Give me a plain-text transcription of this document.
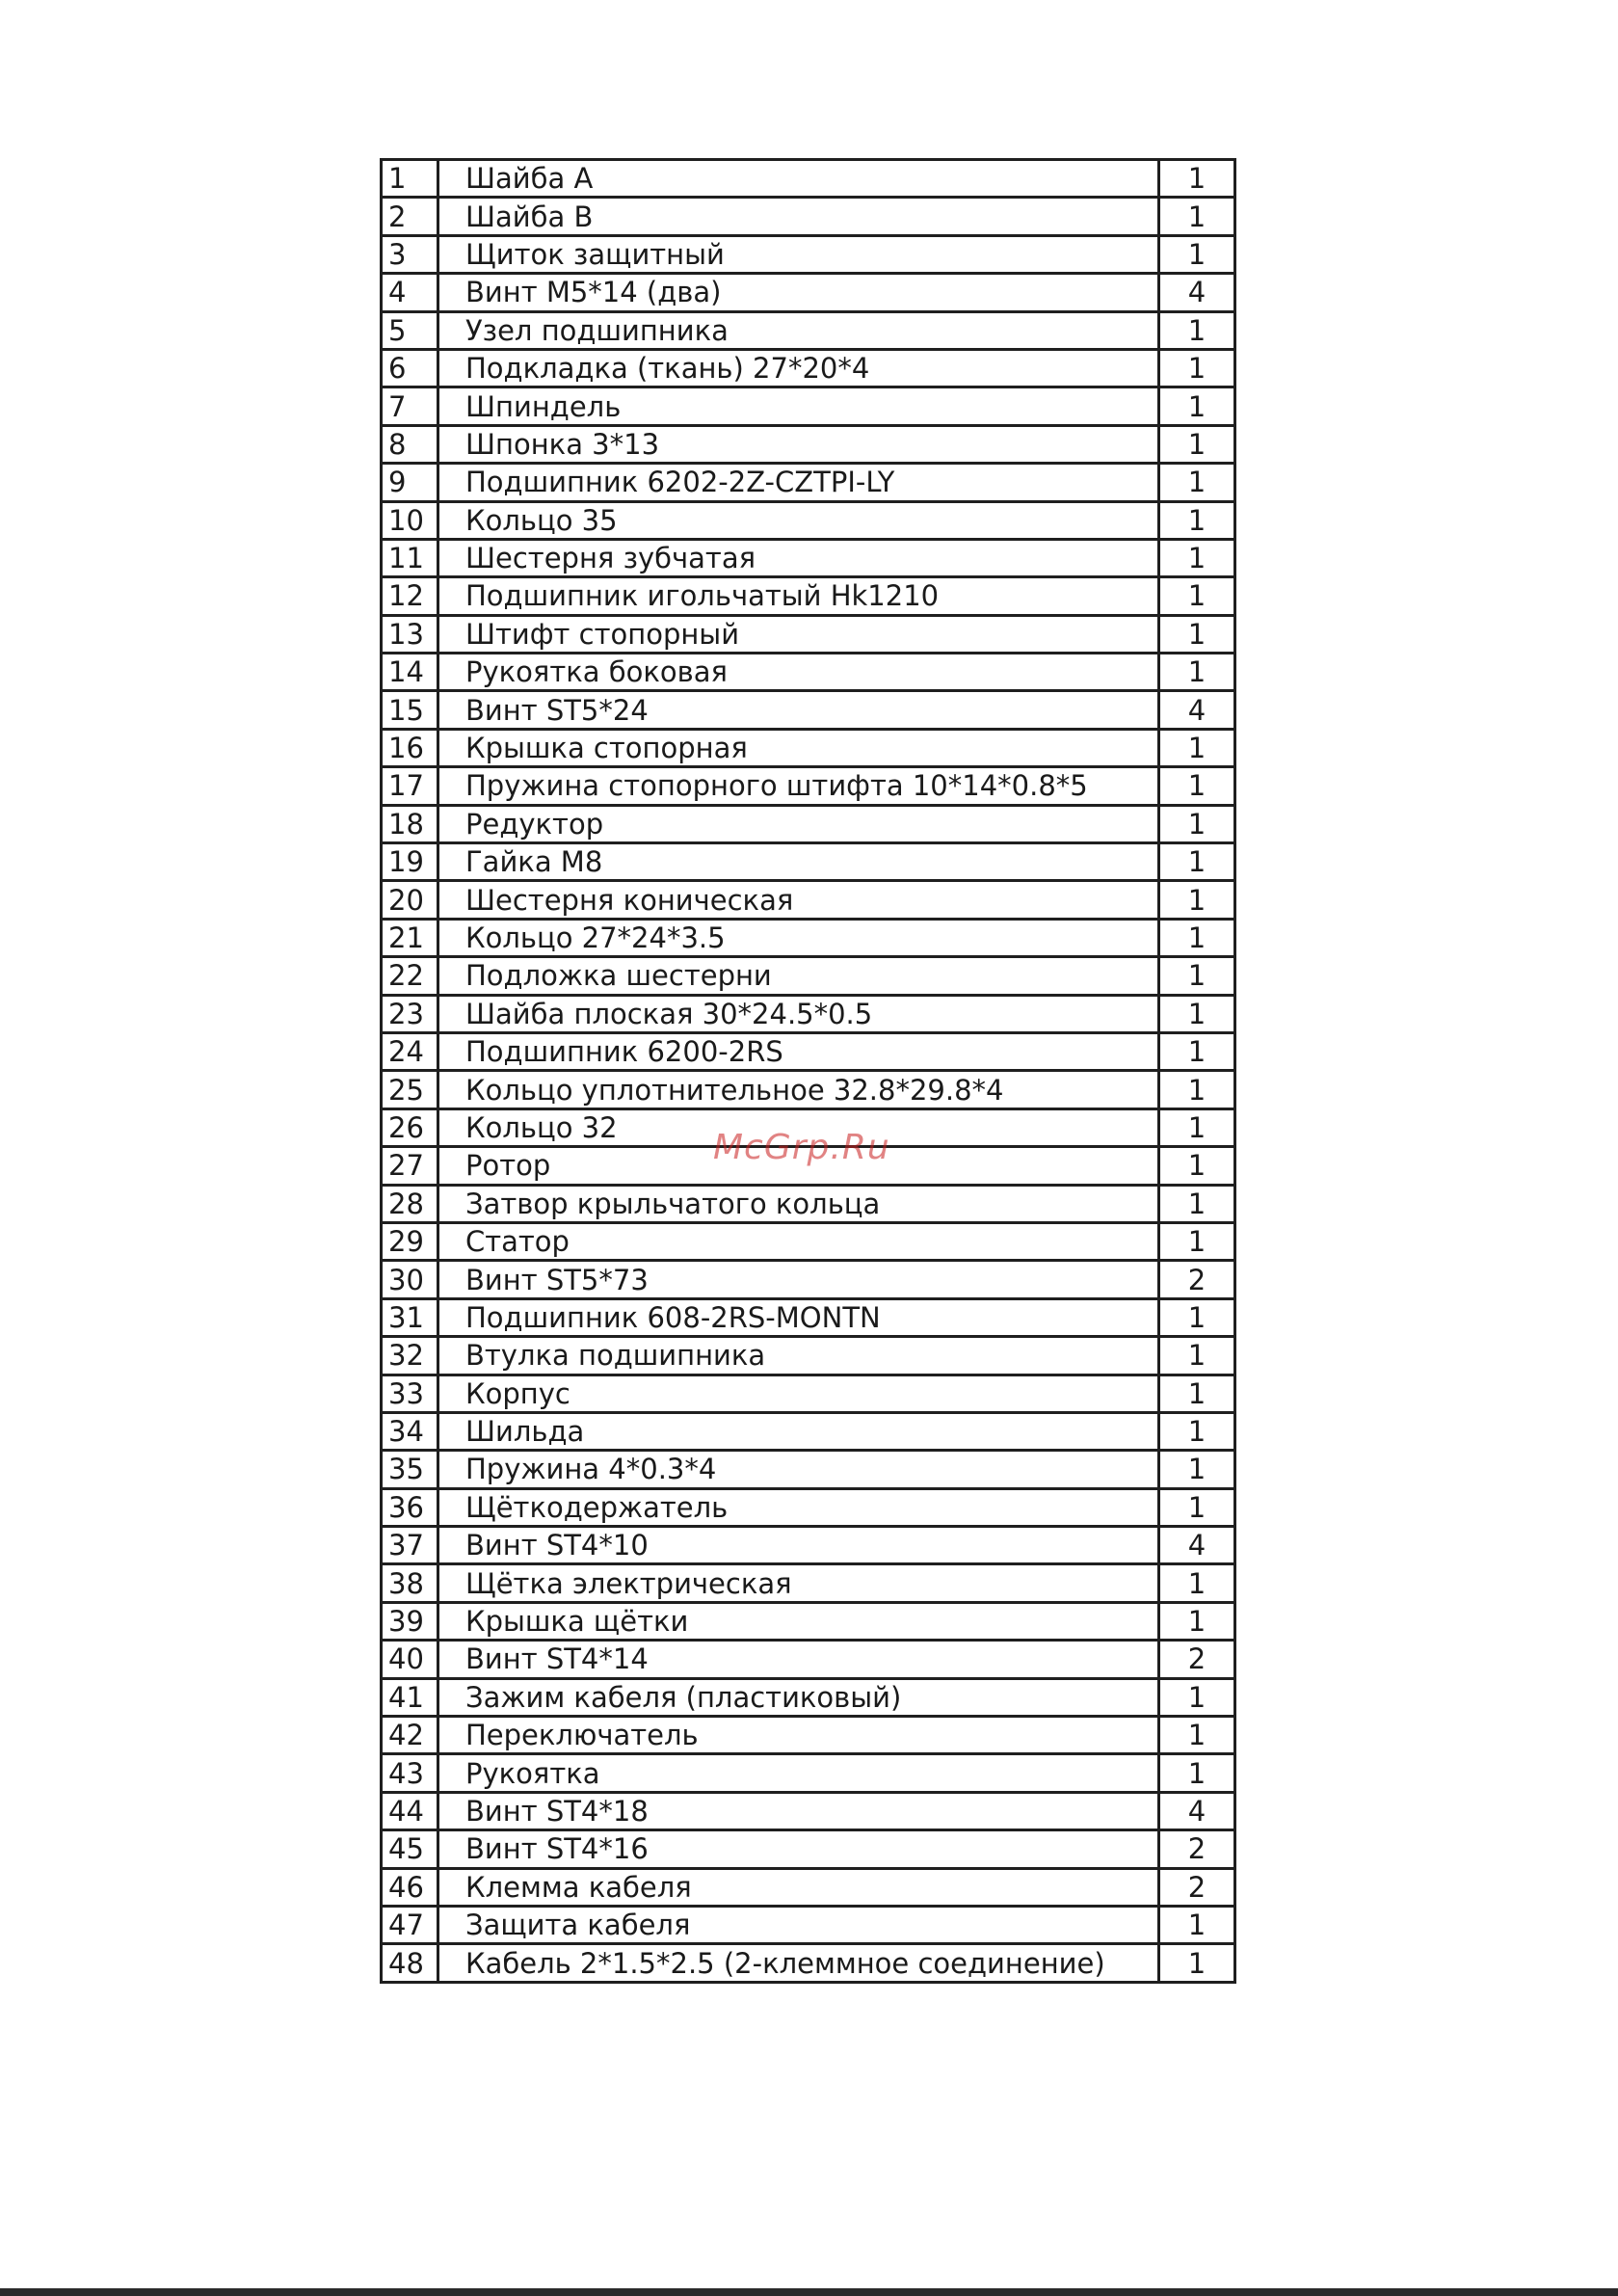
1	Шайба А	1
2	Шайба В	1
3	Щиток защитный	1
4	Винт М5*14 (два)	4
5	Узел подшипника	1
6	Подкладка (ткань) 27*20*4	1
7	Шпиндель	1
8	Шпонка 3*13	1
9	Подшипник 6202-2Z-CZTPI-LY	1
10	Кольцо 35	1
11	Шестерня зубчатая	1
12	Подшипник игольчатый Hk1210	1
13	Штифт стопорный	1
14	Рукоятка боковая	1
15	Винт ST5*24	4
16	Крышка стопорная	1
17	Пружина стопорного штифта 10*14*0.8*5	1
18	Редуктор	1
19	Гайка М8	1
20	Шестерня коническая	1
21	Кольцо 27*24*3.5	1
22	Подложка шестерни	1
23	Шайба плоская 30*24.5*0.5	1
24	Подшипник 6200-2RS	1
25	Кольцо уплотнительное 32.8*29.8*4	1
26	Кольцо 32	1
27	Ротор	1
28	Затвор крыльчатого кольца	1
29	Статор	1
30	Винт ST5*73	2
31	Подшипник 608-2RS-MONTN	1
32	Втулка подшипника	1
33	Корпус	1
34	Шильда	1
35	Пружина 4*0.3*4	1
36	Щёткодержатель	1
37	Винт ST4*10	4
38	Щётка электрическая	1
39	Крышка щётки	1
40	Винт ST4*14	2
41	Зажим кабеля (пластиковый)	1
42	Переключатель	1
43	Рукоятка	1
44	Винт ST4*18	4
45	Винт ST4*16	2
46	Клемма кабеля	2
47	Защита кабеля	1
48	Кабель 2*1.5*2.5 (2-клеммное соединение)	1
McGrp.Ru
